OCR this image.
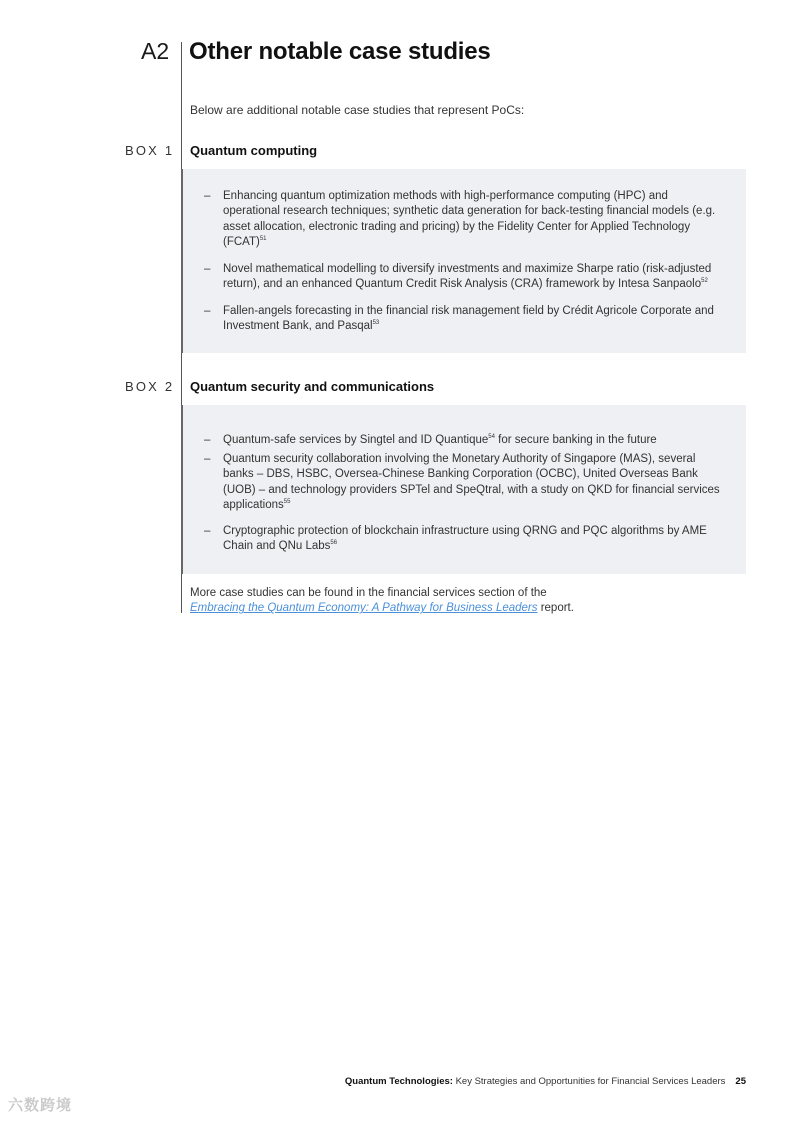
A2 Other notable case studies
Below are additional notable case studies that represent PoCs:
BOX 1 Quantum computing
– Enhancing quantum optimization methods with high-performance computing (HPC) and operational research techniques; synthetic data generation for back-testing financial models (e.g. asset allocation, electronic trading and pricing) by the Fidelity Center for Applied Technology (FCAT)$^{51}$
– Novel mathematical modelling to diversify investments and maximize Sharpe ratio (risk-adjusted return), and an enhanced Quantum Credit Risk Analysis (CRA) framework by Intesa Sanpaolo$^{52}$
– Fallen-angels forecasting in the financial risk management field by Crédit Agricole Corporate and Investment Bank, and Pasqal$^{53}$
BOX 2 Quantum security and communications
– Quantum-safe services by Singtel and ID Quantique$^{54}$ for secure banking in the future
– Quantum security collaboration involving the Monetary Authority of Singapore (MAS), several banks – DBS, HSBC, Oversea-Chinese Banking Corporation (OCBC), United Overseas Bank (UOB) – and technology providers SPTel and SpeQtral, with a study on QKD for financial services applications$^{55}$
– Cryptographic protection of blockchain infrastructure using QRNG and PQC algorithms by AME Chain and QNu Labs$^{56}$
More case studies can be found in the financial services section of the
Embracing the Quantum Economy: A Pathway for Business Leaders report.
Quantum Technologies: Key Strategies and Opportunities for Financial Services Leaders 25
六数跨境
